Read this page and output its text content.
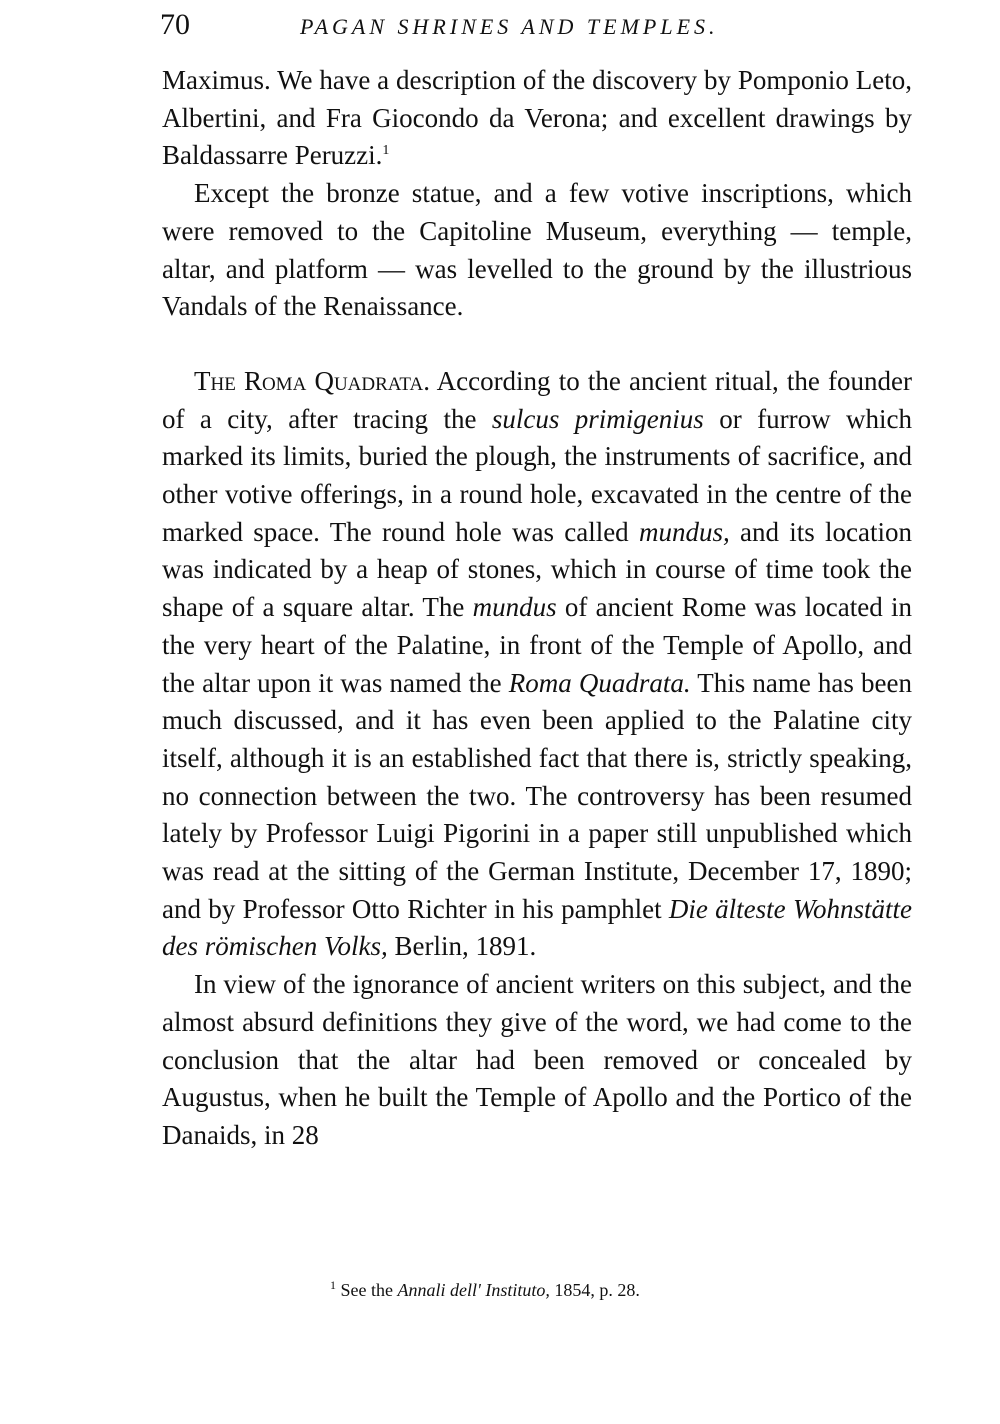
70	PAGAN SHRINES AND TEMPLES.

Maximus. We have a description of the discovery by Pomponio Leto, Albertini, and Fra Giocondo da Verona; and excellent drawings by Baldassarre Peruzzi.$^1$

Except the bronze statue, and a few votive inscriptions, which were removed to the Capitoline Museum, everything — temple, altar, and platform — was levelled to the ground by the illustrious Vandals of the Renaissance.

The Roma Quadrata. According to the ancient ritual, the founder of a city, after tracing the sulcus primigenius or furrow which marked its limits, buried the plough, the instruments of sacrifice, and other votive offerings, in a round hole, excavated in the centre of the marked space. The round hole was called mundus, and its location was indicated by a heap of stones, which in course of time took the shape of a square altar. The mundus of ancient Rome was located in the very heart of the Palatine, in front of the Temple of Apollo, and the altar upon it was named the Roma Quadrata. This name has been much discussed, and it has even been applied to the Palatine city itself, although it is an established fact that there is, strictly speaking, no connection between the two. The controversy has been resumed lately by Professor Luigi Pigorini in a paper still unpublished which was read at the sitting of the German Institute, December 17, 1890; and by Professor Otto Richter in his pamphlet Die älteste Wohnstätte des römischen Volks, Berlin, 1891.

In view of the ignorance of ancient writers on this subject, and the almost absurd definitions they give of the word, we had come to the conclusion that the altar had been removed or concealed by Augustus, when he built the Temple of Apollo and the Portico of the Danaids, in 28

$^1$ See the Annali dell' Instituto, 1854, p. 28.
